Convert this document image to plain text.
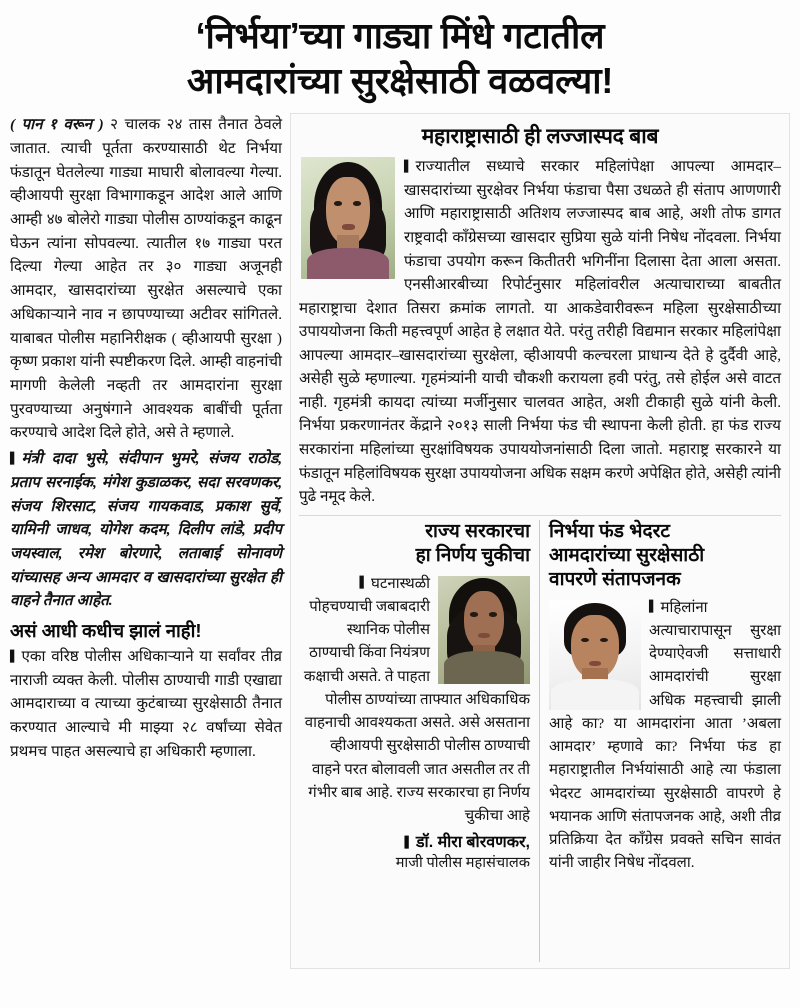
‘निर्भया’च्या गाड्या मिंधे गटातील
आमदारांच्या सुरक्षेसाठी वळवल्या!

( पान १ वरून ) २ चालक २४ तास तैनात ठेवले जातात. त्याची पूर्तता करण्यासाठी थेट निर्भया फंडातून घेतलेल्या गाड्या माघारी बोलावल्या गेल्या. व्हीआयपी सुरक्षा विभागाकडून आदेश आले आणि आम्ही ४७ बोलेरो गाड्या पोलीस ठाण्यांकडून काढून घेऊन त्यांना सोपवल्या. त्यातील १७ गाड्या परत दिल्या गेल्या आहेत तर ३० गाड्या अजूनही आमदार, खासदारांच्या सुरक्षेत असल्याचे एका अधिकाऱ्याने नाव न छापण्याच्या अटीवर सांगितले. याबाबत पोलीस महानिरीक्षक ( व्हीआयपी सुरक्षा ) कृष्ण प्रकाश यांनी स्पष्टीकरण दिले. आम्ही वाहनांची मागणी केलेली नव्हती तर आमदारांना सुरक्षा पुरवण्याच्या अनुषंगाने आवश्यक बाबींची पूर्तता करण्याचे आदेश दिले होते, असे ते म्हणाले.

▌ मंत्री दादा भुसे, संदीपान भुमरे, संजय राठोड, प्रताप सरनाईक, मंगेश कुडाळकर, सदा सरवणकर, संजय शिरसाट, संजय गायकवाड, प्रकाश सुर्वे, यामिनी जाधव, योगेश कदम, दिलीप लांडे, प्रदीप जयस्वाल, रमेश बोरणारे, लताबाई सोनावणे यांच्यासह अन्य आमदार व खासदारांच्या सुरक्षेत ही वाहने तैनात आहेत.

असं आधी कधीच झालं नाही!

▌ एका वरिष्ठ पोलीस अधिकाऱ्याने या सर्वांवर तीव्र नाराजी व्यक्त केली. पोलीस ठाण्याची गाडी एखाद्या आमदाराच्या व त्याच्या कुटंबाच्या सुरक्षेसाठी तैनात करण्यात आल्याचे मी माझ्या २८ वर्षांच्या सेवेत प्रथमच पाहत असल्याचे हा अधिकारी म्हणाला.

महाराष्ट्रासाठी ही लज्जास्पद बाब
▌ राज्यातील सध्याचे सरकार महिलांपेक्षा आपल्या आमदार–खासदारांच्या सुरक्षेवर निर्भया फंडाचा पैसा उधळते ही संताप आणणारी आणि महाराष्ट्रासाठी अतिशय लज्जास्पद बाब आहे, अशी तोफ डागत राष्ट्रवादी काँग्रेसच्या खासदार सुप्रिया सुळे यांनी निषेध नोंदवला. निर्भया फंडाचा उपयोग करून कितीतरी भगिनींना दिलासा देता आला असता. एनसीआरबीच्या रिपोर्टनुसार महिलांवरील अत्याचाराच्या बाबतीत महाराष्ट्राचा देशात तिसरा क्रमांक लागतो. या आकडेवारीवरून महिला सुरक्षेसाठीच्या उपाययोजना किती महत्त्वपूर्ण आहेत हे लक्षात येते. परंतु तरीही विद्यमान सरकार महिलांपेक्षा आपल्या आमदार–खासदारांच्या सुरक्षेला, व्हीआयपी कल्चरला प्राधान्य देते हे दुर्दैवी आहे, असेही सुळे म्हणाल्या. गृहमंत्र्यांनी याची चौकशी करायला हवी परंतु, तसे होईल असे वाटत नाही. गृहमंत्री कायदा त्यांच्या मर्जीनुसार चालवत आहेत, अशी टीकाही सुळे यांनी केली. निर्भया प्रकरणानंतर केंद्राने २०१३ साली निर्भया फंड ची स्थापना केली होती. हा फंड राज्य सरकारांना महिलांच्या सुरक्षांविषयक उपाययोजनांसाठी दिला जातो. महाराष्ट्र सरकारने या फंडातून महिलांविषयक सुरक्षा उपाययोजना अधिक सक्षम करणे अपेक्षित होते, असेही त्यांनी पुढे नमूद केले.
राज्य सरकारचा
हा निर्णय चुकीचा
▌ घटनास्थळी पोहचण्याची जबाबदारी स्थानिक पोलीस ठाण्याची किंवा नियंत्रण कक्षाची असते. ते पाहता पोलीस ठाण्यांच्या ताफ्यात अधिकाधिक वाहनाची आवश्यकता असते. असे असताना व्हीआयपी सुरक्षेसाठी पोलीस ठाण्याची वाहने परत बोलावली जात असतील तर ती गंभीर बाब आहे. राज्य सरकारचा हा निर्णय चुकीचा आहे
▌ डॉ. मीरा बोरवणकर,
माजी पोलीस महासंचालक
निर्भया फंड भेदरट
आमदारांच्या सुरक्षेसाठी
वापरणे संतापजनक
▌ महिलांना अत्याचारापासून सुरक्षा देण्याऐवजी सत्ताधारी आमदारांची सुरक्षा अधिक महत्त्वाची झाली आहे का? या आमदारांना आता ’अबला आमदार’ म्हणावे का? निर्भया फंड हा महाराष्ट्रातील निर्भयांसाठी आहे त्या फंडाला भेदरट आमदारांच्या सुरक्षेसाठी वापरणे हे भयानक आणि संतापजनक आहे, अशी तीव्र प्रतिक्रिया देत काँग्रेस प्रवक्ते सचिन सावंत यांनी जाहीर निषेध नोंदवला.
